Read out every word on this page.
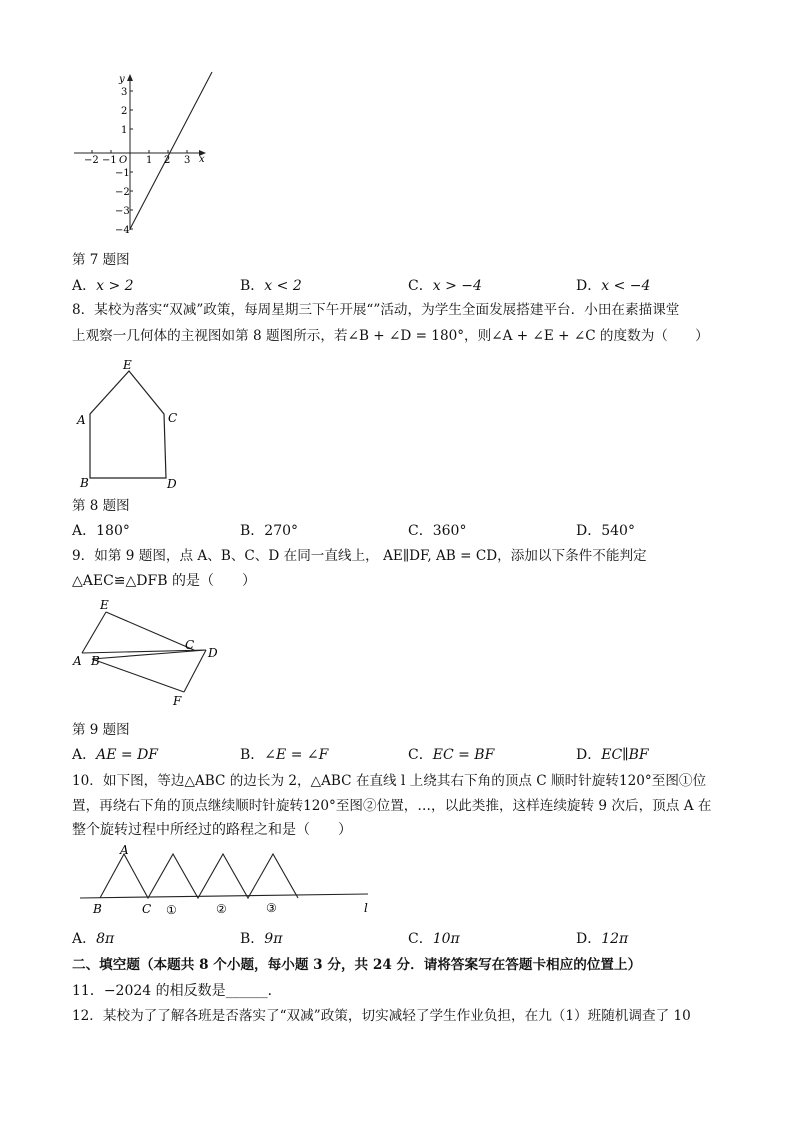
x
y
O
−2 −1	1 2 3
3
2
1
−1
−2
−3
−4
第 7 题图
A．x > 2	B．x < 2	C．x > −4	D．x < −4
8．某校为落实“双减”政策，每周星期三下午开展“”活动，为学生全面发展搭建平台．小田在素描课堂
上观察一几何体的主视图如第 8 题图所示，若∠B + ∠D = 180°，则∠A + ∠E + ∠C 的度数为（　　）
E
A	C
B	D
第 8 题图
A．180°	B．270°	C．360°	D．540°
9．如第 9 题图，点 A、B、C、D 在同一直线上， AE∥DF, AB = CD，添加以下条件不能判定
△AEC≌△DFB 的是（　　）
E
A B
C
D
F
第 9 题图
A．AE = DF	B．∠E = ∠F	C．EC = BF	D．EC∥BF
10．如下图，等边△ABC 的边长为 2，△ABC 在直线 l 上绕其右下角的顶点 C 顺时针旋转120°至图①位
置，再绕右下角的顶点继续顺时针旋转120°至图②位置，…，以此类推，这样连续旋转 9 次后，顶点 A 在
整个旋转过程中所经过的路程之和是（　　）
A
B	C ①	②	③	l
A．8π	B．9π	C．10π	D．12π
二、填空题（本题共 8 个小题，每小题 3 分，共 24 分．请将答案写在答题卡相应的位置上）
11．−2024 的相反数是______．
12．某校为了了解各班是否落实了“双减”政策，切实减轻了学生作业负担，在九（1）班随机调查了 10
